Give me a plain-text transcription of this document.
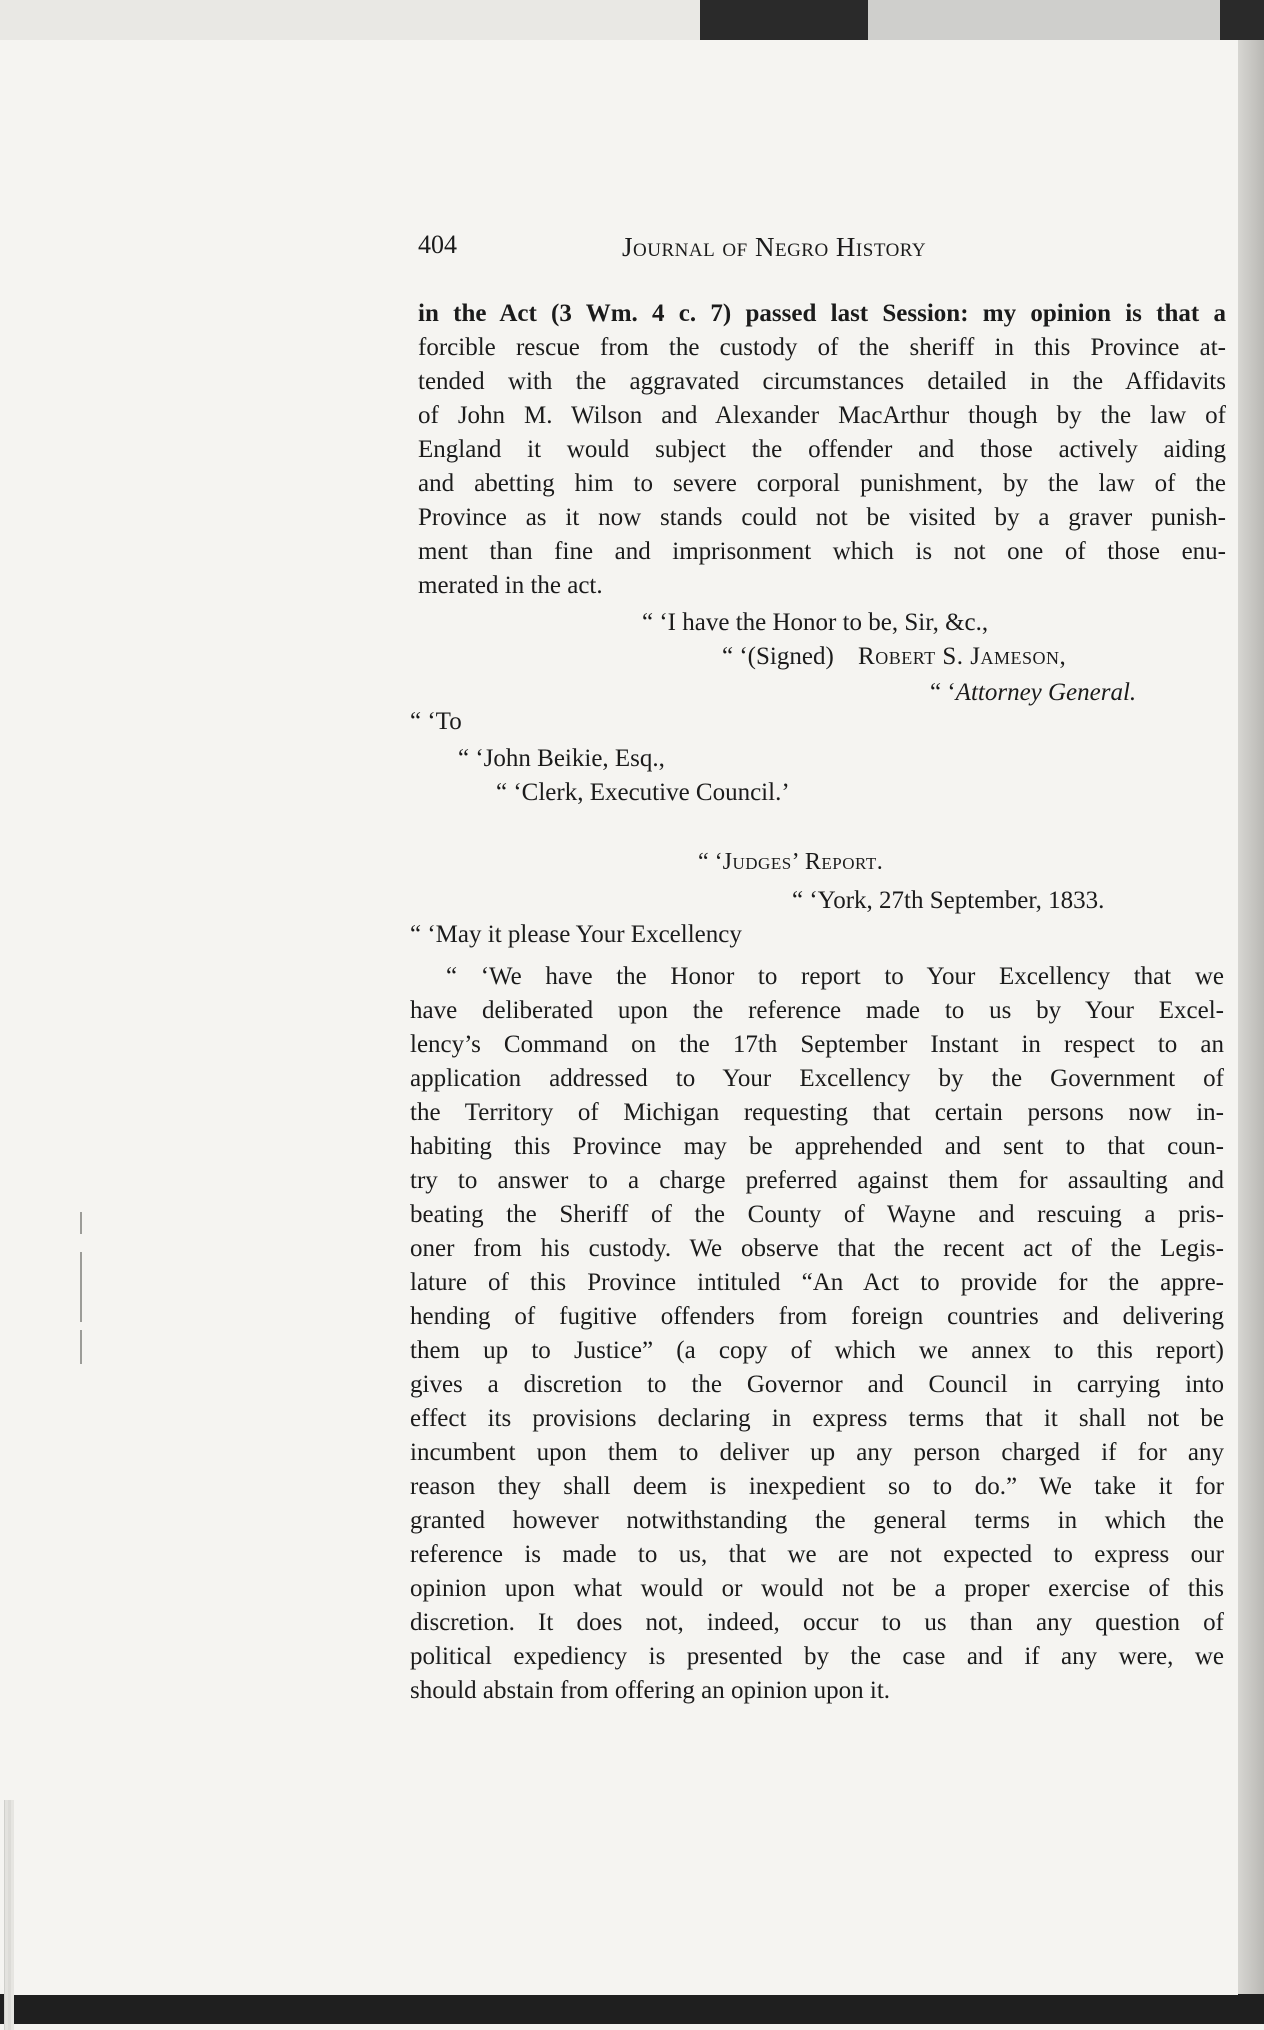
404	Journal of Negro History
in the Act (3 Wm. 4 c. 7) passed last Session: my opinion is that a
forcible rescue from the custody of the sheriff in this Province at-
tended with the aggravated circumstances detailed in the Affidavits
of John M. Wilson and Alexander MacArthur though by the law of
England it would subject the offender and those actively aiding
and abetting him to severe corporal punishment, by the law of the
Province as it now stands could not be visited by a graver punish-
ment than fine and imprisonment which is not one of those enu-
merated in the act.
“ ‘I have the Honor to be, Sir, &c.,
“ ‘(Signed) Robert S. Jameson,
“ ‘Attorney General.
“ ‘To
“ ‘John Beikie, Esq.,
“ ‘Clerk, Executive Council.’
“ ‘Judges’ Report.
“ ‘York, 27th September, 1833.
“ ‘May it please Your Excellency
“ ‘We have the Honor to report to Your Excellency that we
have deliberated upon the reference made to us by Your Excel-
lency’s Command on the 17th September Instant in respect to an
application addressed to Your Excellency by the Government of
the Territory of Michigan requesting that certain persons now in-
habiting this Province may be apprehended and sent to that coun-
try to answer to a charge preferred against them for assaulting and
beating the Sheriff of the County of Wayne and rescuing a pris-
oner from his custody. We observe that the recent act of the Legis-
lature of this Province intituled “An Act to provide for the appre-
hending of fugitive offenders from foreign countries and delivering
them up to Justice” (a copy of which we annex to this report)
gives a discretion to the Governor and Council in carrying into
effect its provisions declaring in express terms that it shall not be
incumbent upon them to deliver up any person charged if for any
reason they shall deem is inexpedient so to do.” We take it for
granted however notwithstanding the general terms in which the
reference is made to us, that we are not expected to express our
opinion upon what would or would not be a proper exercise of this
discretion. It does not, indeed, occur to us than any question of
political expediency is presented by the case and if any were, we
should abstain from offering an opinion upon it.
